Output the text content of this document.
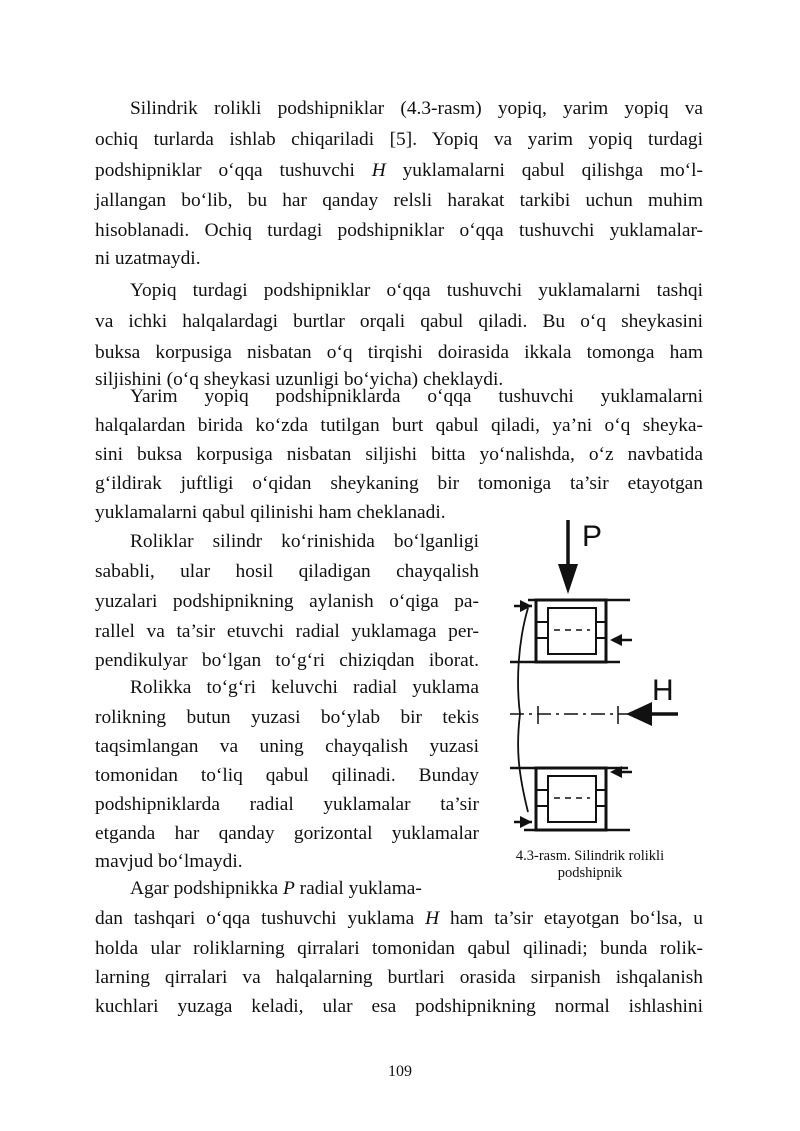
Silindrik rolikli podshipniklar (4.3-rasm) yopiq, yarim yopiq va
ochiq turlarda ishlab chiqariladi [5]. Yopiq va yarim yopiq turdagi
podshipniklar o‘qqa tushuvchi H yuklamalarni qabul qilishga mo‘l-
jallangan bo‘lib, bu har qanday relsli harakat tarkibi uchun muhim
hisoblanadi. Ochiq turdagi podshipniklar o‘qqa tushuvchi yuklamalar-
ni uzatmaydi.
Yopiq turdagi podshipniklar o‘qqa tushuvchi yuklamalarni tashqi
va ichki halqalardagi burtlar orqali qabul qiladi. Bu o‘q sheykasini
buksa korpusiga nisbatan o‘q tirqishi doirasida ikkala tomonga ham
siljishini (o‘q sheykasi uzunligi bo‘yicha) cheklaydi.
Yarim yopiq podshipniklarda o‘qqa tushuvchi yuklamalarni
halqalardan birida ko‘zda tutilgan burt qabul qiladi, ya’ni o‘q sheyka-
sini buksa korpusiga nisbatan siljishi bitta yo‘nalishda, o‘z navbatida
g‘ildirak juftligi o‘qidan sheykaning bir tomoniga ta’sir etayotgan
yuklamalarni qabul qilinishi ham cheklanadi.
Roliklar silindr ko‘rinishida bo‘lganligi
sababli, ular hosil qiladigan chayqalish
yuzalari podshipnikning aylanish o‘qiga pa-
rallel va ta’sir etuvchi radial yuklamaga per-
pendikulyar bo‘lgan to‘g‘ri chiziqdan iborat.
Rolikka to‘g‘ri keluvchi radial yuklama
rolikning butun yuzasi bo‘ylab bir tekis
taqsimlangan va uning chayqalish yuzasi
tomonidan to‘liq qabul qilinadi. Bunday
podshipniklarda radial yuklamalar ta’sir
etganda har qanday gorizontal yuklamalar
mavjud bo‘lmaydi.
Agar podshipnikka P radial yuklama-
dan tashqari o‘qqa tushuvchi yuklama H ham ta’sir etayotgan bo‘lsa, u
holda ular roliklarning qirralari tomonidan qabul qilinadi; bunda rolik-
larning qirralari va halqalarning burtlari orasida sirpanish ishqalanish
kuchlari yuzaga keladi, ular esa podshipnikning normal ishlashini
P
H
4.3-rasm. Silindrik rolikli
podshipnik
109
